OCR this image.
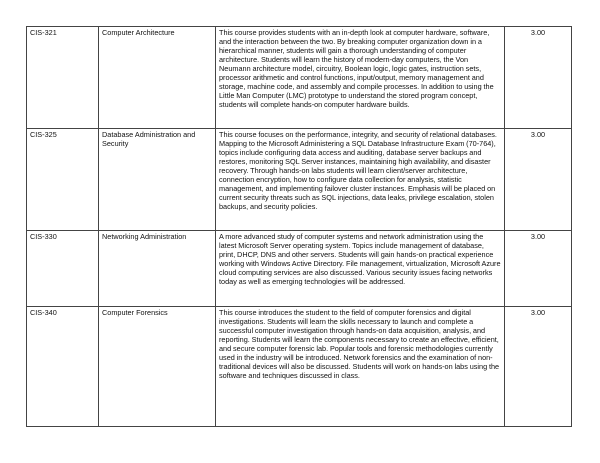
CIS-321	Computer Architecture	This course provides students with an in-depth look at computer hardware, software, and the interaction between the two. By breaking computer organization down in a hierarchical manner, students will gain a thorough understanding of computer architecture. Students will learn the history of modern-day computers, the Von Neumann architecture model, circuitry, Boolean logic, logic gates, instruction sets, processor arithmetic and control functions, input/output, memory management and storage, machine code, and assembly and compile processes. In addition to using the Little Man Computer (LMC) prototype to understand the stored program concept, students will complete hands-on computer hardware builds.	3.00
CIS-325	Database Administration and Security	This course focuses on the performance, integrity, and security of relational databases. Mapping to the Microsoft Administering a SQL Database Infrastructure Exam (70-764), topics include configuring data access and auditing, database server backups and restores, monitoring SQL Server instances, maintaining high availability, and disaster recovery. Through hands-on labs students will learn client/server architecture, connection encryption, how to configure data collection for analysis, statistic management, and implementing failover cluster instances. Emphasis will be placed on current security threats such as SQL injections, data leaks, privilege escalation, stolen backups, and security policies.	3.00
CIS-330	Networking Administration	A more advanced study of computer systems and network administration using the latest Microsoft Server operating system. Topics include management of database, print, DHCP, DNS and other servers. Students will gain hands-on practical experience working with Windows Active Directory. File management, virtualization, Microsoft Azure cloud computing services are also discussed. Various security issues facing networks today as well as emerging technologies will be addressed.	3.00
CIS-340	Computer Forensics	This course introduces the student to the field of computer forensics and digital investigations. Students will learn the skills necessary to launch and complete a successful computer investigation through hands-on data acquisition, analysis, and reporting. Students will learn the components necessary to create an effective, efficient, and secure computer forensic lab. Popular tools and forensic methodologies currently used in the industry will be introduced. Network forensics and the examination of non-traditional devices will also be discussed. Students will work on hands-on labs using the software and techniques discussed in class.	3.00
